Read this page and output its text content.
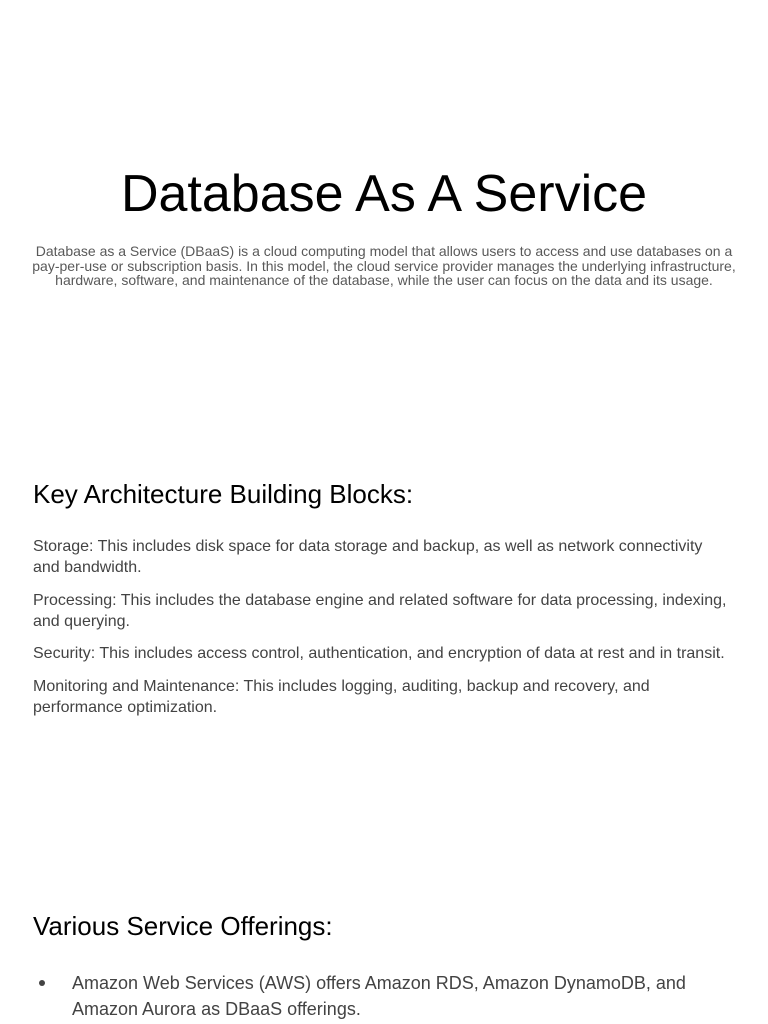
Database As A Service

Database as a Service (DBaaS) is a cloud computing model that allows users to access and use databases on a pay-per-use or subscription basis. In this model, the cloud service provider manages the underlying infrastructure, hardware, software, and maintenance of the database, while the user can focus on the data and its usage.

Key Architecture Building Blocks:

Storage: This includes disk space for data storage and backup, as well as network connectivity and bandwidth.

Processing: This includes the database engine and related software for data processing, indexing, and querying.

Security: This includes access control, authentication, and encryption of data at rest and in transit.

Monitoring and Maintenance: This includes logging, auditing, backup and recovery, and performance optimization.

Various Service Offerings:
Amazon Web Services (AWS) offers Amazon RDS, Amazon DynamoDB, and Amazon Aurora as DBaaS offerings.
